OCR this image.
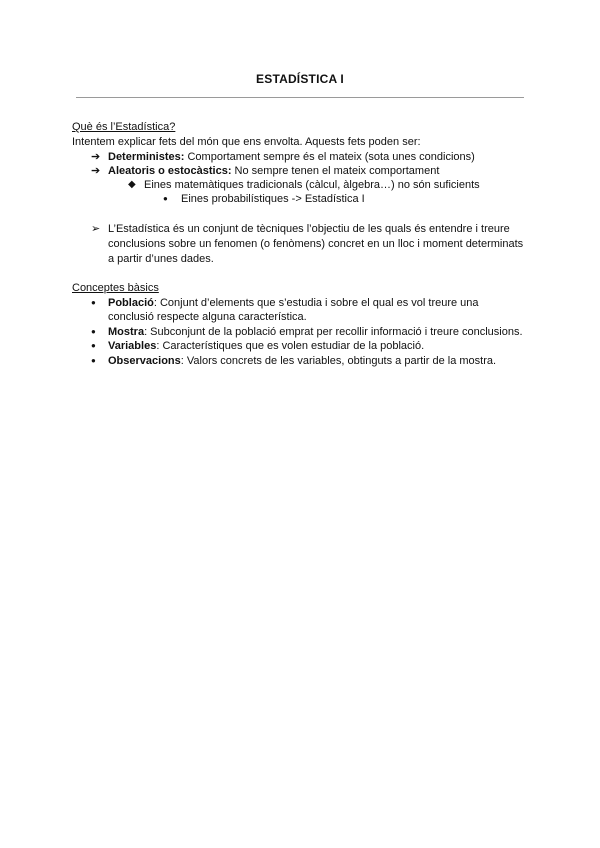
ESTADÍSTICA I
Què és l’Estadística?
Intentem explicar fets del món que ens envolta. Aquests fets poden ser:
➔ Deterministes: Comportament sempre és el mateix (sota unes condicions)
➔ Aleatoris o estocàstics: No sempre tenen el mateix comportament
◆ Eines matemàtiques tradicionals (càlcul, àlgebra…) no són suficients
● Eines probabilístiques -> Estadística I
➢ L’Estadística és un conjunt de tècniques l’objectiu de les quals és entendre i treure
conclusions sobre un fenomen (o fenòmens) concret en un lloc i moment determinats
a partir d’unes dades.
Conceptes bàsics
● Població: Conjunt d’elements que s’estudia i sobre el qual es vol treure una
conclusió respecte alguna característica.
● Mostra: Subconjunt de la població emprat per recollir informació i treure conclusions.
● Variables: Característiques que es volen estudiar de la població.
● Observacions: Valors concrets de les variables, obtinguts a partir de la mostra.
